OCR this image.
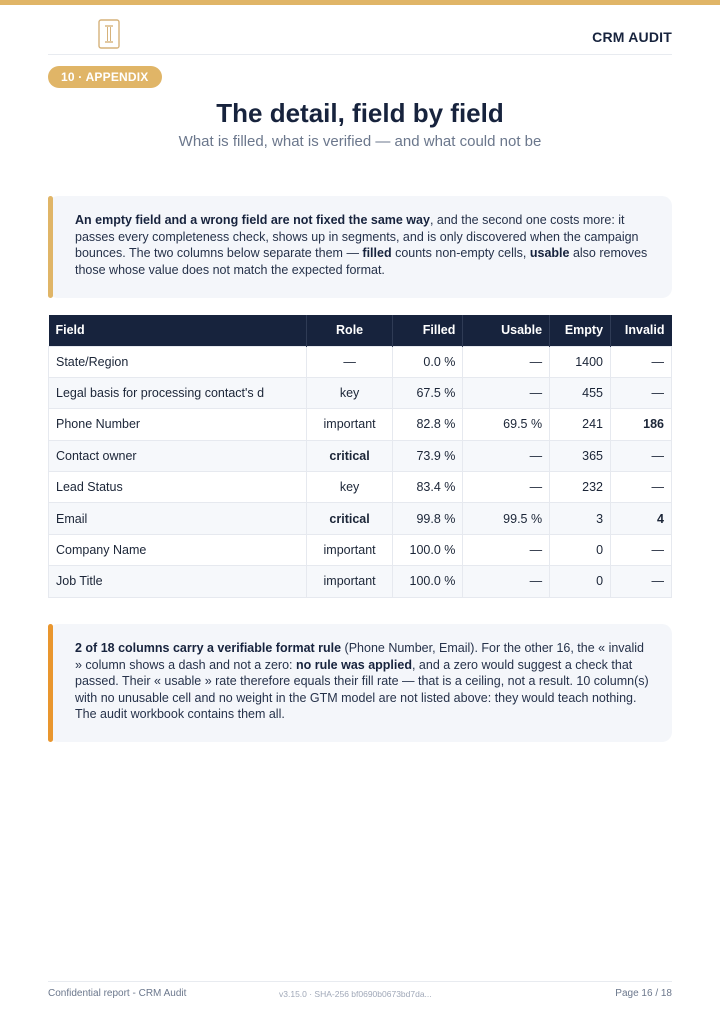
CRM AUDIT
10 · APPENDIX
The detail, field by field
What is filled, what is verified — and what could not be
An empty field and a wrong field are not fixed the same way, and the second one costs more: it passes every completeness check, shows up in segments, and is only discovered when the campaign bounces. The two columns below separate them — filled counts non-empty cells, usable also removes those whose value does not match the expected format.
Field	Role	Filled	Usable	Empty	Invalid
State/Region	—	0.0 %	—	1400	—
Legal basis for processing contact's d	key	67.5 %	—	455	—
Phone Number	important	82.8 %	69.5 %	241	186
Contact owner	critical	73.9 %	—	365	—
Lead Status	key	83.4 %	—	232	—
Email	critical	99.8 %	99.5 %	3	4
Company Name	important	100.0 %	—	0	—
Job Title	important	100.0 %	—	0	—
2 of 18 columns carry a verifiable format rule (Phone Number, Email). For the other 16, the « invalid » column shows a dash and not a zero: no rule was applied, and a zero would suggest a check that passed. Their « usable » rate therefore equals their fill rate — that is a ceiling, not a result. 10 column(s) with no unusable cell and no weight in the GTM model are not listed above: they would teach nothing. The audit workbook contains them all.
Confidential report - CRM Audit	v3.15.0 · SHA-256 bf0690b0673bd7da...	Page 16 / 18
